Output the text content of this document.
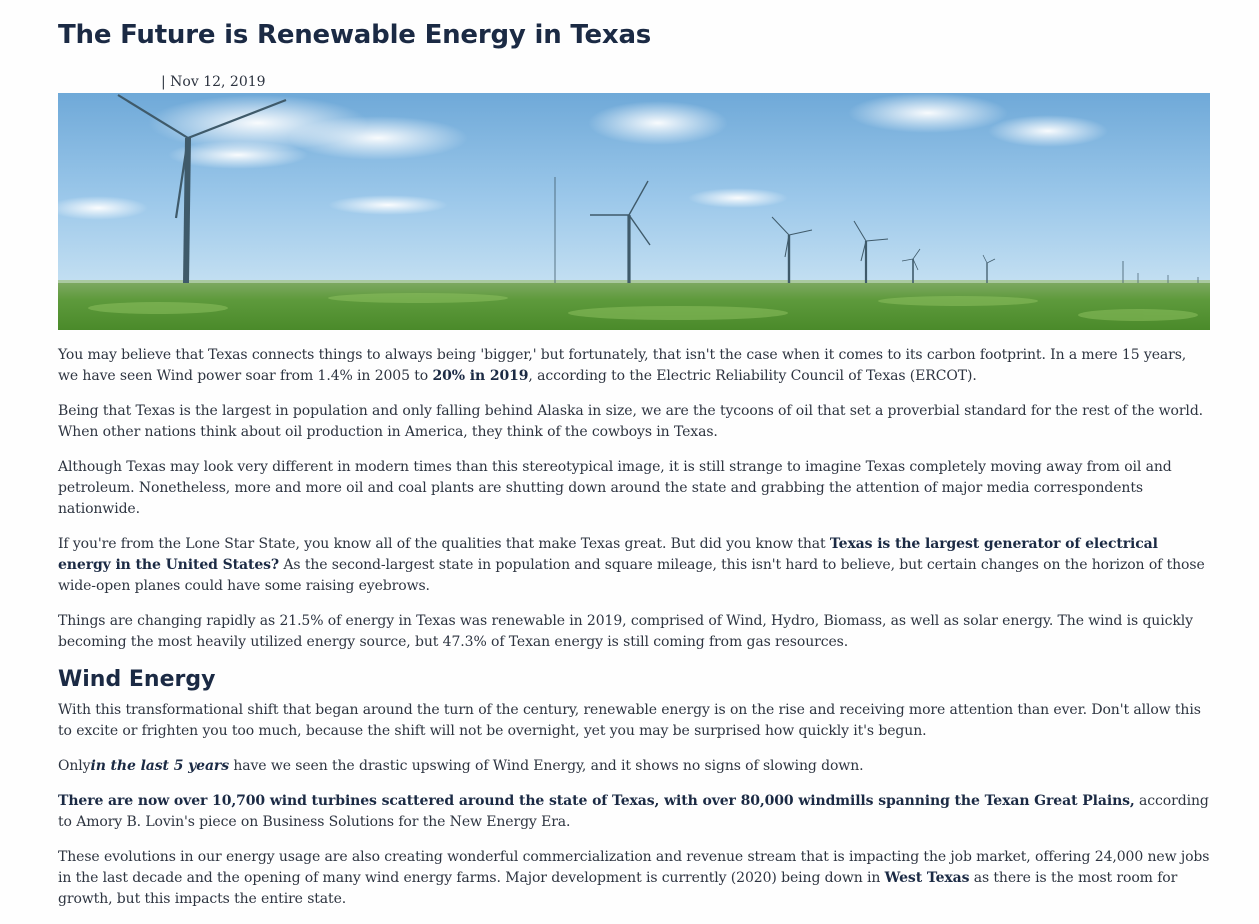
The Future is Renewable Energy in Texas
| Nov 12, 2019

You may believe that Texas connects things to always being 'bigger,' but fortunately, that isn't the case when it comes to its carbon footprint. In a mere 15 years, we have seen Wind power soar from 1.4% in 2005 to 20% in 2019, according to the Electric Reliability Council of Texas (ERCOT).

Being that Texas is the largest in population and only falling behind Alaska in size, we are the tycoons of oil that set a proverbial standard for the rest of the world. When other nations think about oil production in America, they think of the cowboys in Texas.

Although Texas may look very different in modern times than this stereotypical image, it is still strange to imagine Texas completely moving away from oil and petroleum. Nonetheless, more and more oil and coal plants are shutting down around the state and grabbing the attention of major media correspondents nationwide.

If you're from the Lone Star State, you know all of the qualities that make Texas great. But did you know that Texas is the largest generator of electrical energy in the United States? As the second-largest state in population and square mileage, this isn't hard to believe, but certain changes on the horizon of those wide-open planes could have some raising eyebrows.

Things are changing rapidly as 21.5% of energy in Texas was renewable in 2019, comprised of Wind, Hydro, Biomass, as well as solar energy. The wind is quickly becoming the most heavily utilized energy source, but 47.3% of Texan energy is still coming from gas resources.

Wind Energy

With this transformational shift that began around the turn of the century, renewable energy is on the rise and receiving more attention than ever. Don't allow this to excite or frighten you too much, because the shift will not be overnight, yet you may be surprised how quickly it's begun.

Onlyin the last 5 years have we seen the drastic upswing of Wind Energy, and it shows no signs of slowing down.

There are now over 10,700 wind turbines scattered around the state of Texas, with over 80,000 windmills spanning the Texan Great Plains, according to Amory B. Lovin's piece on Business Solutions for the New Energy Era.

These evolutions in our energy usage are also creating wonderful commercialization and revenue stream that is impacting the job market, offering 24,000 new jobs in the last decade and the opening of many wind energy farms. Major development is currently (2020) being down in West Texas as there is the most room for growth, but this impacts the entire state.
